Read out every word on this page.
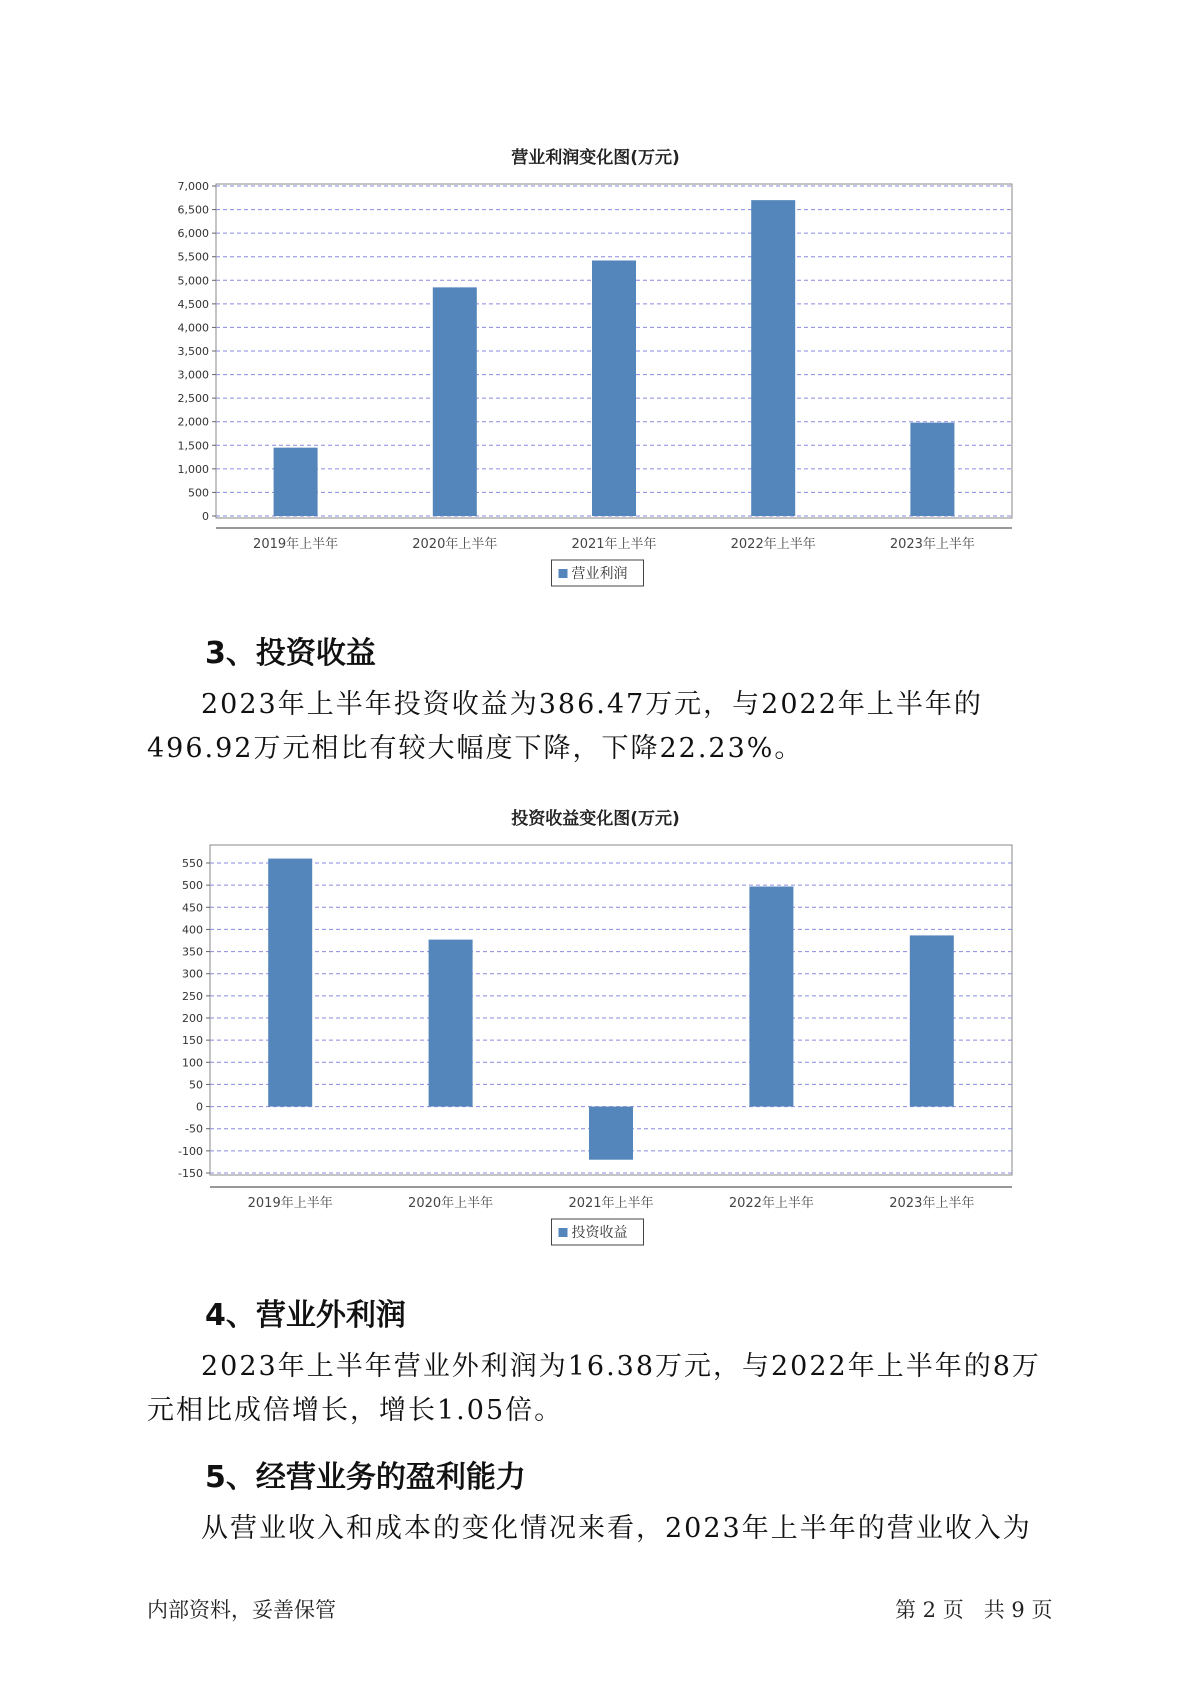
营业利润变化图(万元)
0
500
1,000
1,500
2,000
2,500
3,000
3,500
4,000
4,500
5,000
5,500
6,000
6,500
7,000
2019年上半年	2020年上半年	2021年上半年	2022年上半年	2023年上半年
营业利润
3、投资收益
2023年上半年投资收益为386.47万元，与2022年上半年的496.92万元相比有较大幅度下降，下降22.23%。
投资收益变化图(万元)
-150
-100
-50
0
50
100
150
200
250
300
350
400
450
500
550
2019年上半年	2020年上半年	2021年上半年	2022年上半年	2023年上半年
投资收益
4、营业外利润
2023年上半年营业外利润为16.38万元，与2022年上半年的8万元相比成倍增长，增长1.05倍。
5、经营业务的盈利能力
从营业收入和成本的变化情况来看，2023年上半年的营业收入为
内部资料，妥善保管	第 2 页   共 9 页
